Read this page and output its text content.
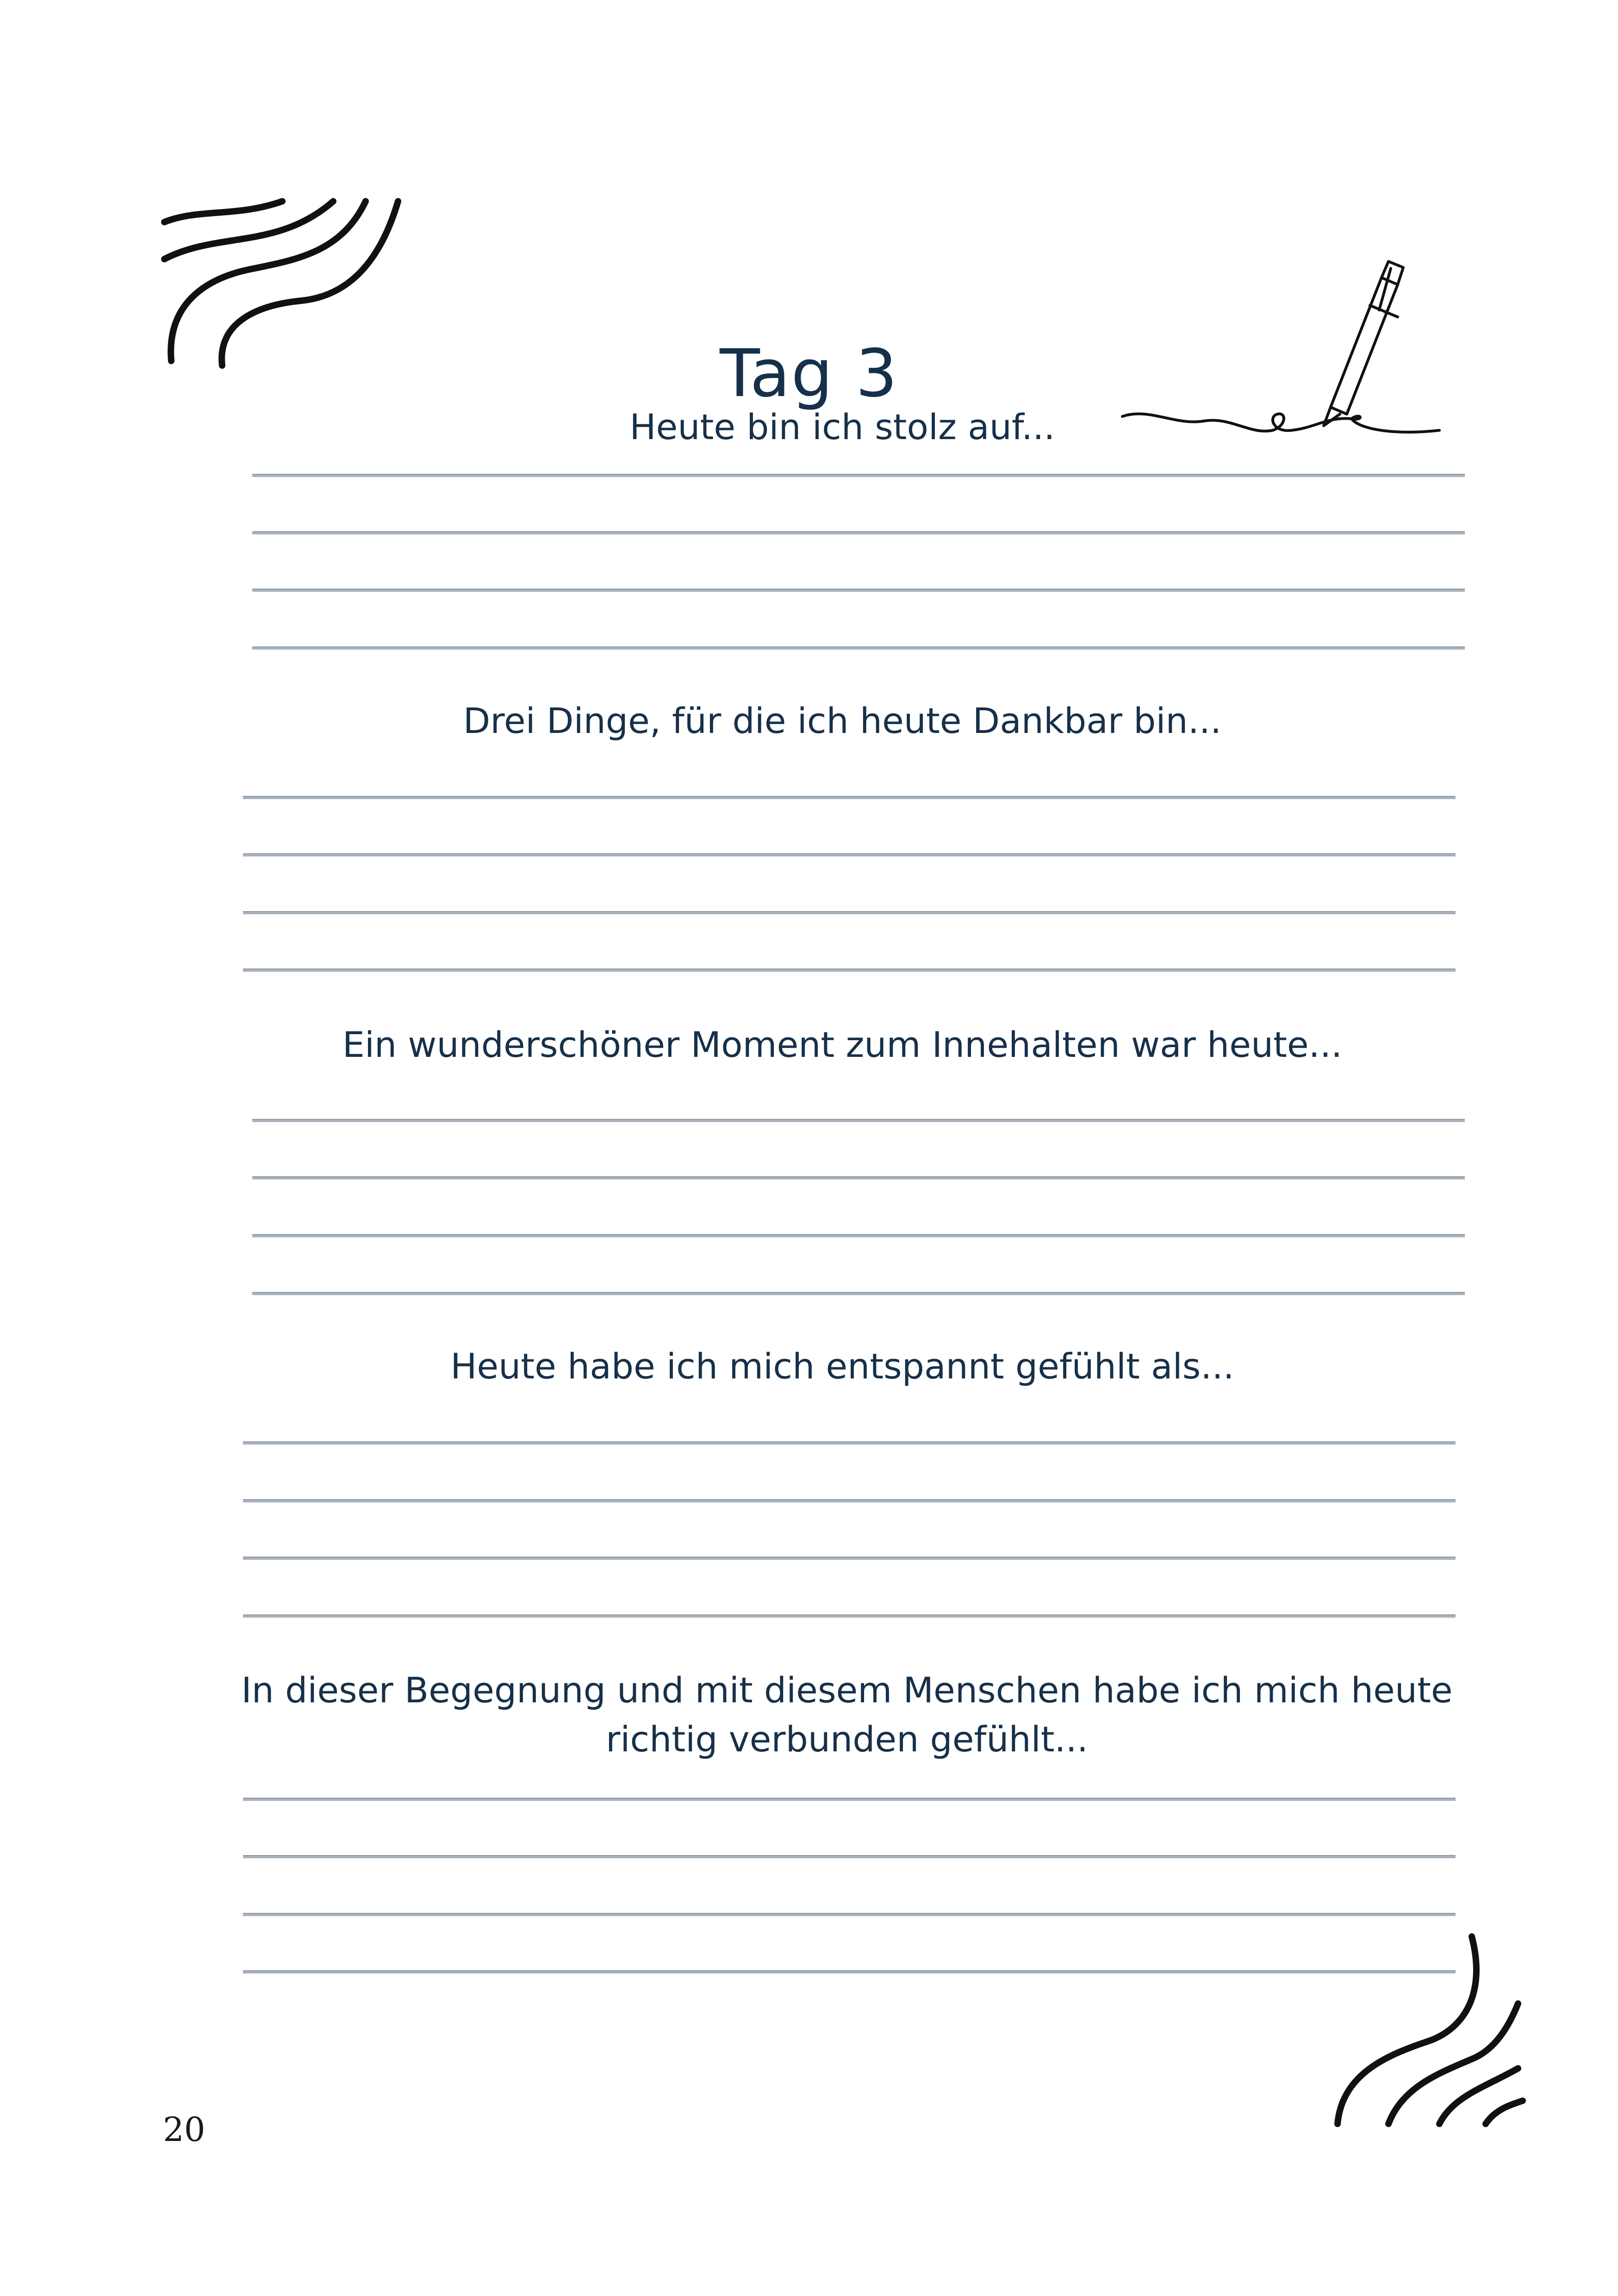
Tag 3
Heute bin ich stolz auf...
Drei Dinge, für die ich heute Dankbar bin...
Ein wunderschöner Moment zum Innehalten war heute...
Heute habe ich mich entspannt gefühlt als...
In dieser Begegnung und mit diesem Menschen habe ich mich heute richtig verbunden gefühlt...
20
